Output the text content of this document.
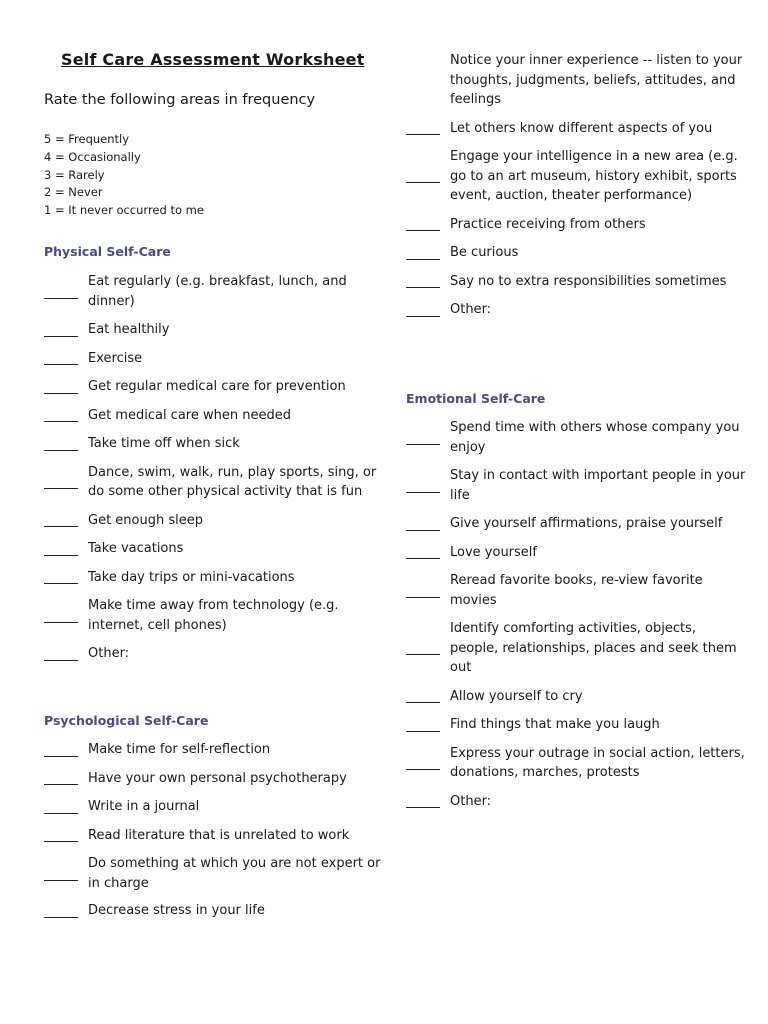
Self Care Assessment Worksheet
Rate the following areas in frequency
5 = Frequently
4 = Occasionally
3 = Rarely
2 = Never
1 = It never occurred to me
Physical Self-Care
Eat regularly (e.g. breakfast, lunch, and dinner)
Eat healthily
Exercise
Get regular medical care for prevention
Get medical care when needed
Take time off when sick
Dance, swim, walk, run, play sports, sing, or do some other physical activity that is fun
Get enough sleep
Take vacations
Take day trips or mini-vacations
Make time away from technology (e.g. internet, cell phones)
Other:
Psychological Self-Care
Make time for self-reflection
Have your own personal psychotherapy
Write in a journal
Read literature that is unrelated to work
Do something at which you are not expert or in charge
Decrease stress in your life
Notice your inner experience -- listen to your thoughts, judgments, beliefs, attitudes, and feelings
Let others know different aspects of you
Engage your intelligence in a new area (e.g. go to an art museum, history exhibit, sports event, auction, theater performance)
Practice receiving from others
Be curious
Say no to extra responsibilities sometimes
Other:
Emotional Self-Care
Spend time with others whose company you enjoy
Stay in contact with important people in your life
Give yourself affirmations, praise yourself
Love yourself
Reread favorite books, re-view favorite movies
Identify comforting activities, objects, people, relationships, places and seek them out
Allow yourself to cry
Find things that make you laugh
Express your outrage in social action, letters, donations, marches, protests
Other:
